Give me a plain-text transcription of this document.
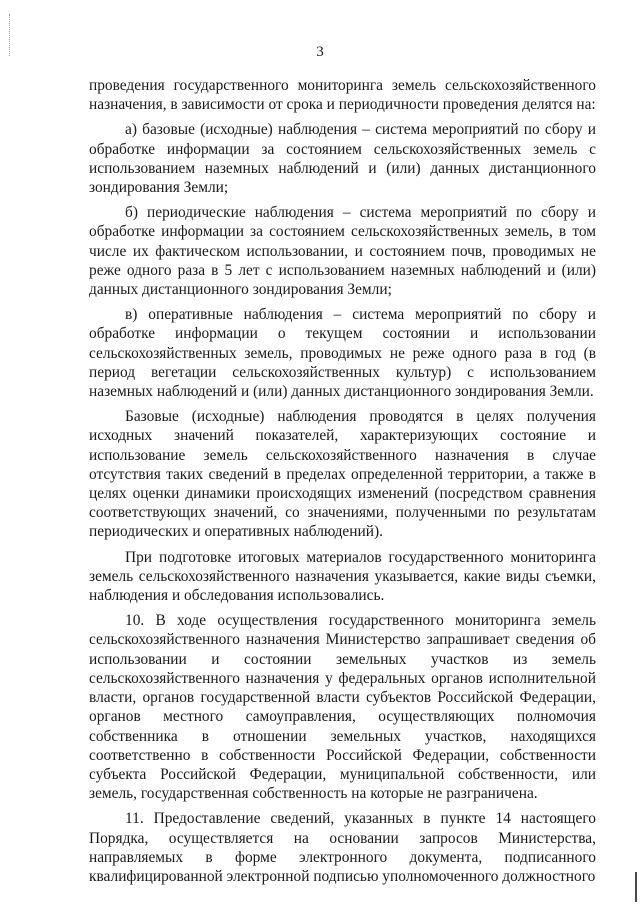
3

проведения государственного мониторинга земель сельскохозяйственного назначения, в зависимости от срока и периодичности проведения делятся на:

а) базовые (исходные) наблюдения – система мероприятий по сбору и обработке информации за состоянием сельскохозяйственных земель с использованием наземных наблюдений и (или) данных дистанционного зондирования Земли;

б) периодические наблюдения – система мероприятий по сбору и обработке информации за состоянием сельскохозяйственных земель, в том числе их фактическом использовании, и состоянием почв, проводимых не реже одного раза в 5 лет с использованием наземных наблюдений и (или) данных дистанционного зондирования Земли;

в) оперативные наблюдения – система мероприятий по сбору и обработке информации о текущем состоянии и использовании сельскохозяйственных земель, проводимых не реже одного раза в год (в период вегетации сельскохозяйственных культур) с использованием наземных наблюдений и (или) данных дистанционного зондирования Земли.

Базовые (исходные) наблюдения проводятся в целях получения исходных значений показателей, характеризующих состояние и использование земель сельскохозяйственного назначения в случае отсутствия таких сведений в пределах определенной территории, а также в целях оценки динамики происходящих изменений (посредством сравнения соответствующих значений, со значениями, полученными по результатам периодических и оперативных наблюдений).

При подготовке итоговых материалов государственного мониторинга земель сельскохозяйственного назначения указывается, какие виды съемки, наблюдения и обследования использовались.

10. В ходе осуществления государственного мониторинга земель сельскохозяйственного назначения Министерство запрашивает сведения об использовании и состоянии земельных участков из земель сельскохозяйственного назначения у федеральных органов исполнительной власти, органов государственной власти субъектов Российской Федерации, органов местного самоуправления, осуществляющих полномочия собственника в отношении земельных участков, находящихся соответственно в собственности Российской Федерации, собственности субъекта Российской Федерации, муниципальной собственности, или земель, государственная собственность на которые не разграничена.

11. Предоставление сведений, указанных в пункте 14 настоящего Порядка, осуществляется на основании запросов Министерства, направляемых в форме электронного документа, подписанного квалифицированной электронной подписью уполномоченного должностного
